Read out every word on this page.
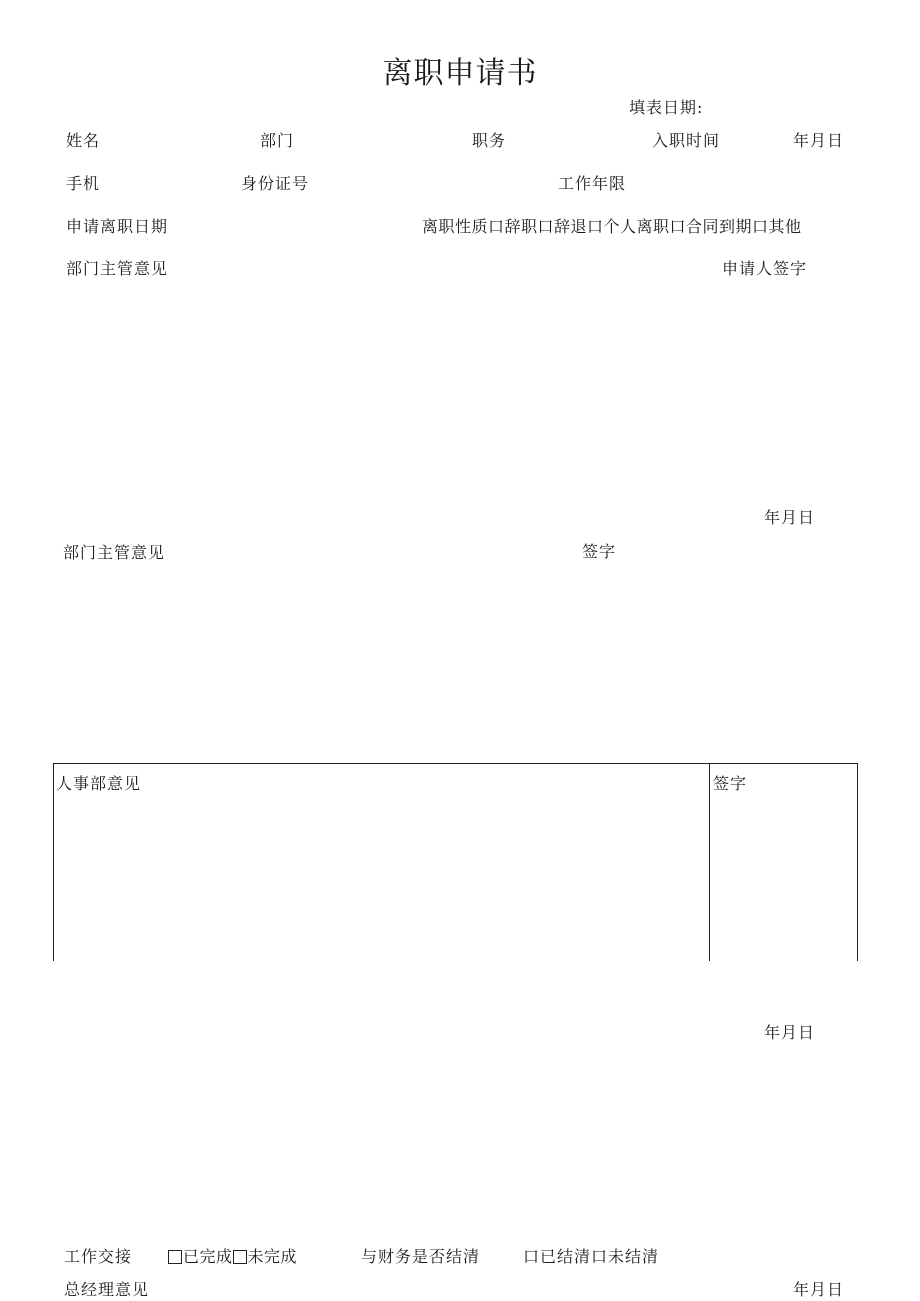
离职申请书
填表日期:
姓名	部门	职务	入职时间	年月日
手机	身份证号	工作年限
申请离职日期	离职性质口辞职口辞退口个人离职口合同到期口其他
部门主管意见	申请人签字
年月日
部门主管意见	签字
人事部意见	签字
年月日
工作交接	已完成 未完成	与财务是否结清	口已结清口未结清
总经理意见	年月日
